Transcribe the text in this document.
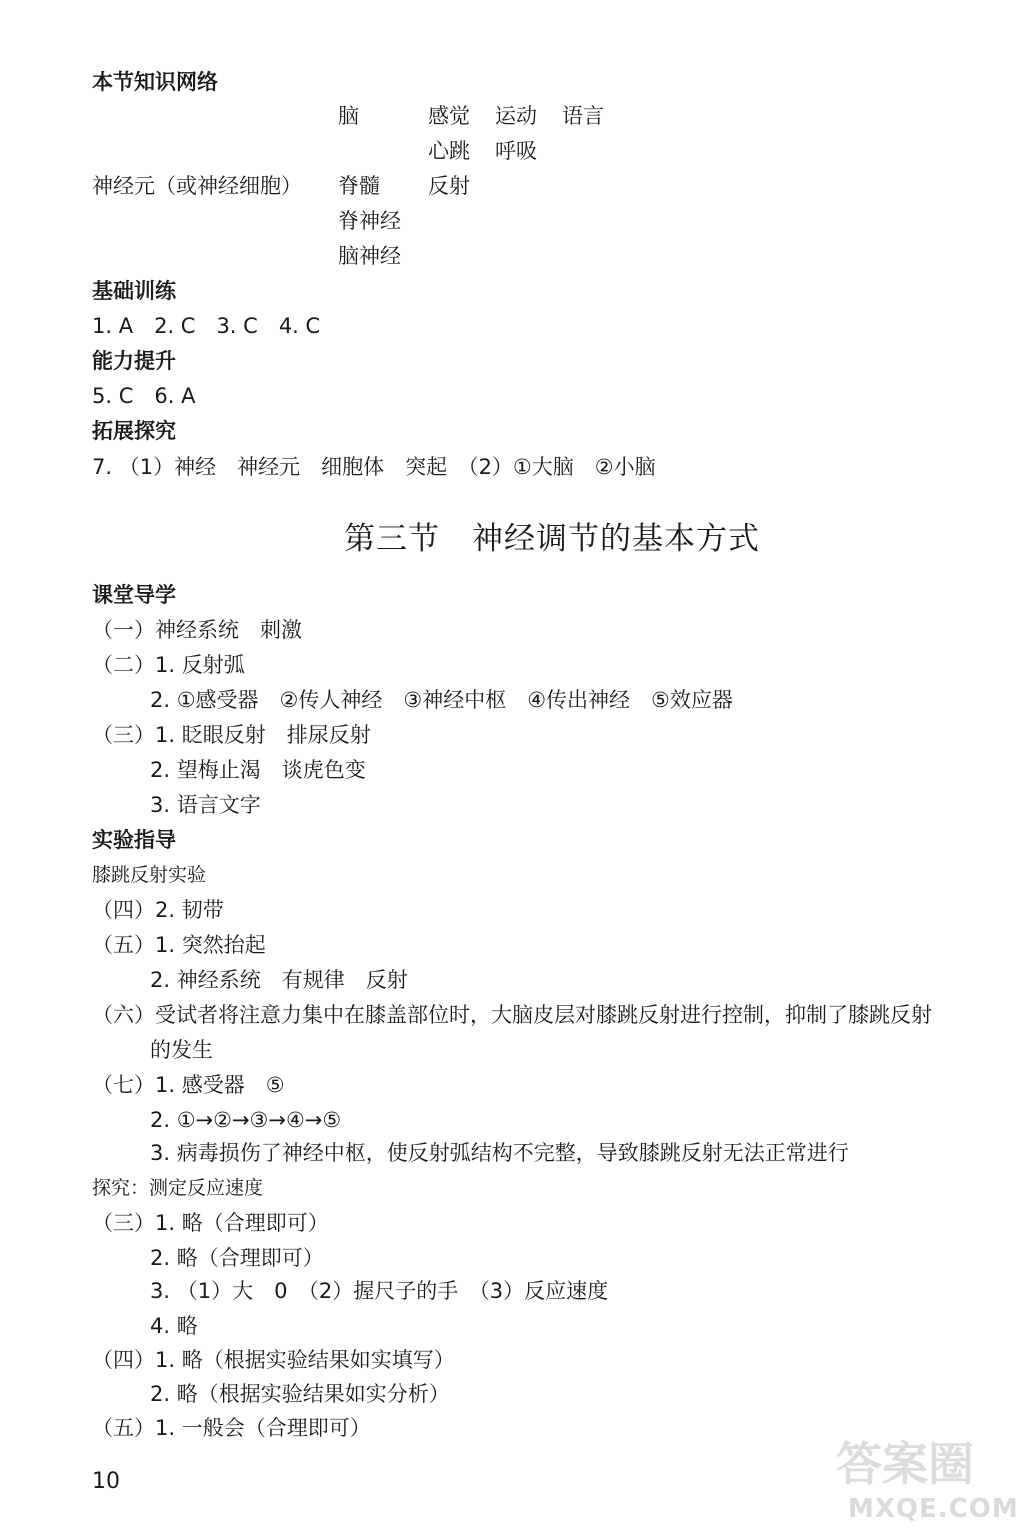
本节知识网络
脑	感觉 运动 语言
心跳 呼吸
神经元（或神经细胞） 脊髓 反射
脊神经
脑神经
基础训练
1. A　2. C　3. C　4. C
能力提升
5. C　6. A
拓展探究
7. （1）神经　神经元　细胞体　突起　（2）①大脑　②小脑
第三节　神经调节的基本方式
课堂导学
（一）神经系统　刺激
（二）1. 反射弧
2. ①感受器　②传人神经　③神经中枢　④传出神经　⑤效应器
（三）1. 眨眼反射　排尿反射
2. 望梅止渴　谈虎色变
3. 语言文字
实验指导
膝跳反射实验
（四）2. 韧带
（五）1. 突然抬起
2. 神经系统　有规律　反射
（六）受试者将注意力集中在膝盖部位时，大脑皮层对膝跳反射进行控制，抑制了膝跳反射
的发生
（七）1. 感受器　⑤
2. ①→②→③→④→⑤
3. 病毒损伤了神经中枢，使反射弧结构不完整，导致膝跳反射无法正常进行
探究：测定反应速度
（三）1. 略（合理即可）
2. 略（合理即可）
3. （1）大　0　（2）握尺子的手　（3）反应速度
4. 略
（四）1. 略（根据实验结果如实填写）
2. 略（根据实验结果如实分析）
（五）1. 一般会（合理即可）
10	答案圈
MXQE.COM
